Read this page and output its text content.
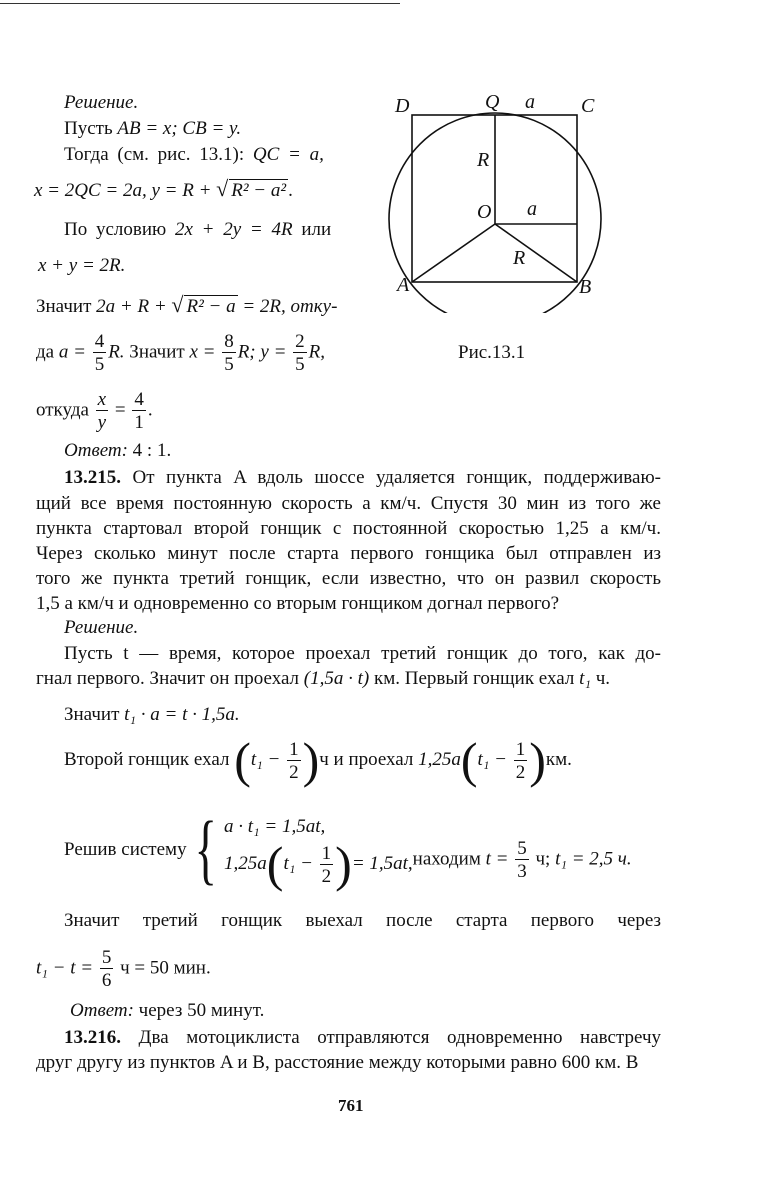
Решение.
Пусть AB = x; CB = y.
Тогда (см. рис. 13.1): QC = a,
x = 2QC = 2a, y = R + √ R² − a² .
По условию 2x + 2y = 4R или
x + y = 2R.
Значит 2a + R + √ R² − a = 2R, отку-
да $a = \frac{4}{5} R$. Значит $x = \frac{8}{5} R$; $y = \frac{2}{5} R$,
откуда $\frac{x}{y} = \frac{4}{1}$ .
Ответ: 4 : 1.
D	Q a C
R
O a
R
A	B
Рис.13.1
13.215. От пункта A вдоль шоссе удаляется гонщик, поддерживаю-
щий все время постоянную скорость a км/ч. Спустя 30 мин из того же
пункта стартовал второй гонщик с постоянной скоростью 1,25 a км/ч.
Через сколько минут после старта первого гонщика был отправлен из
того же пункта третий гонщик, если известно, что он развил скорость
1,5 a км/ч и одновременно со вторым гонщиком догнал первого?
Решение.
Пусть t — время, которое проехал третий гонщик до того, как до-
гнал первого. Значит он проехал (1,5a · t) км. Первый гонщик ехал t₁ ч.
Значит t₁ · a = t · 1,5a.
Второй гонщик ехал $(t_1 - \frac{1}{2} )ч$ и проехал $1,25a(t_1 - \frac{1}{2} )км$.
Решив систему	{	a · t₁ = 1,5at,
$1,25a(t_1 - \frac{1}{2}$ )= 1,5at,	находим $t = \frac{5}{3} ч$; t₁ = 2,5 ч.
Значит третий гонщик выехал после старта первого через
$t_1 - t = \frac{5}{6}$ ч = 50 мин.
Ответ: через 50 минут.
13.216. Два мотоциклиста отправляются одновременно навстречу
друг другу из пунктов A и B, расстояние между которыми равно 600 км. В
761
